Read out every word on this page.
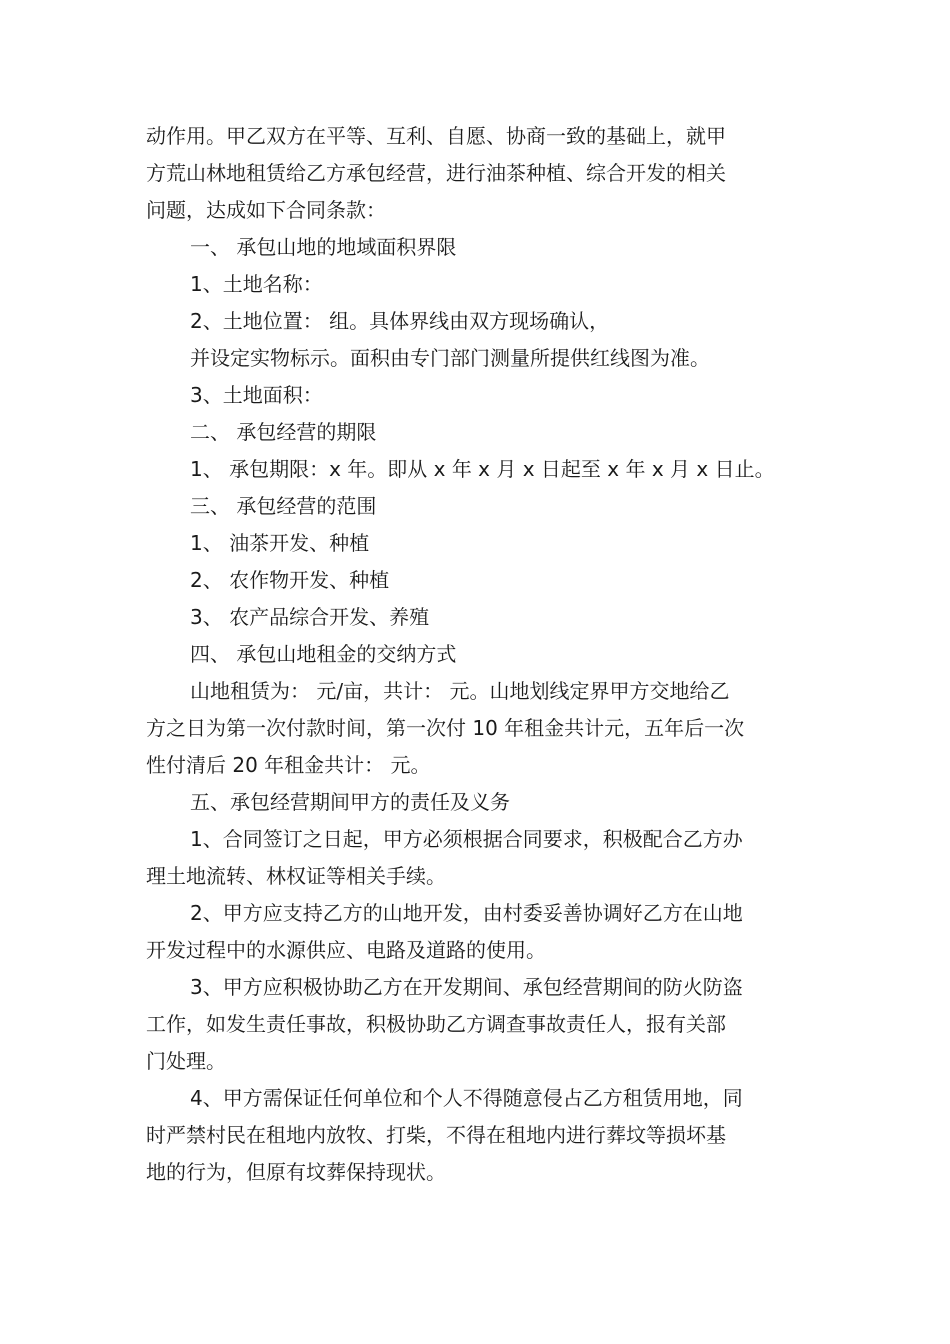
动作用。甲乙双方在平等、互利、自愿、协商一致的基础上，就甲
方荒山林地租赁给乙方承包经营，进行油茶种植、综合开发的相关
问题，达成如下合同条款：
一、 承包山地的地域面积界限
1、土地名称：
2、土地位置： 组。具体界线由双方现场确认，
并设定实物标示。面积由专门部门测量所提供红线图为准。
3、土地面积：
二、 承包经营的期限
1、 承包期限：x 年。即从 x 年 x 月 x 日起至 x 年 x 月 x 日止。
三、 承包经营的范围
1、 油茶开发、种植
2、 农作物开发、种植
3、 农产品综合开发、养殖
四、 承包山地租金的交纳方式
山地租赁为： 元/亩，共计： 元。山地划线定界甲方交地给乙
方之日为第一次付款时间，第一次付 10 年租金共计元，五年后一次
性付清后 20 年租金共计： 元。
五、承包经营期间甲方的责任及义务
1、合同签订之日起，甲方必须根据合同要求，积极配合乙方办
理土地流转、林权证等相关手续。
2、甲方应支持乙方的山地开发，由村委妥善协调好乙方在山地
开发过程中的水源供应、电路及道路的使用。
3、甲方应积极协助乙方在开发期间、承包经营期间的防火防盗
工作，如发生责任事故，积极协助乙方调查事故责任人，报有关部
门处理。
4、甲方需保证任何单位和个人不得随意侵占乙方租赁用地，同
时严禁村民在租地内放牧、打柴，不得在租地内进行葬坟等损坏基
地的行为，但原有坟葬保持现状。
